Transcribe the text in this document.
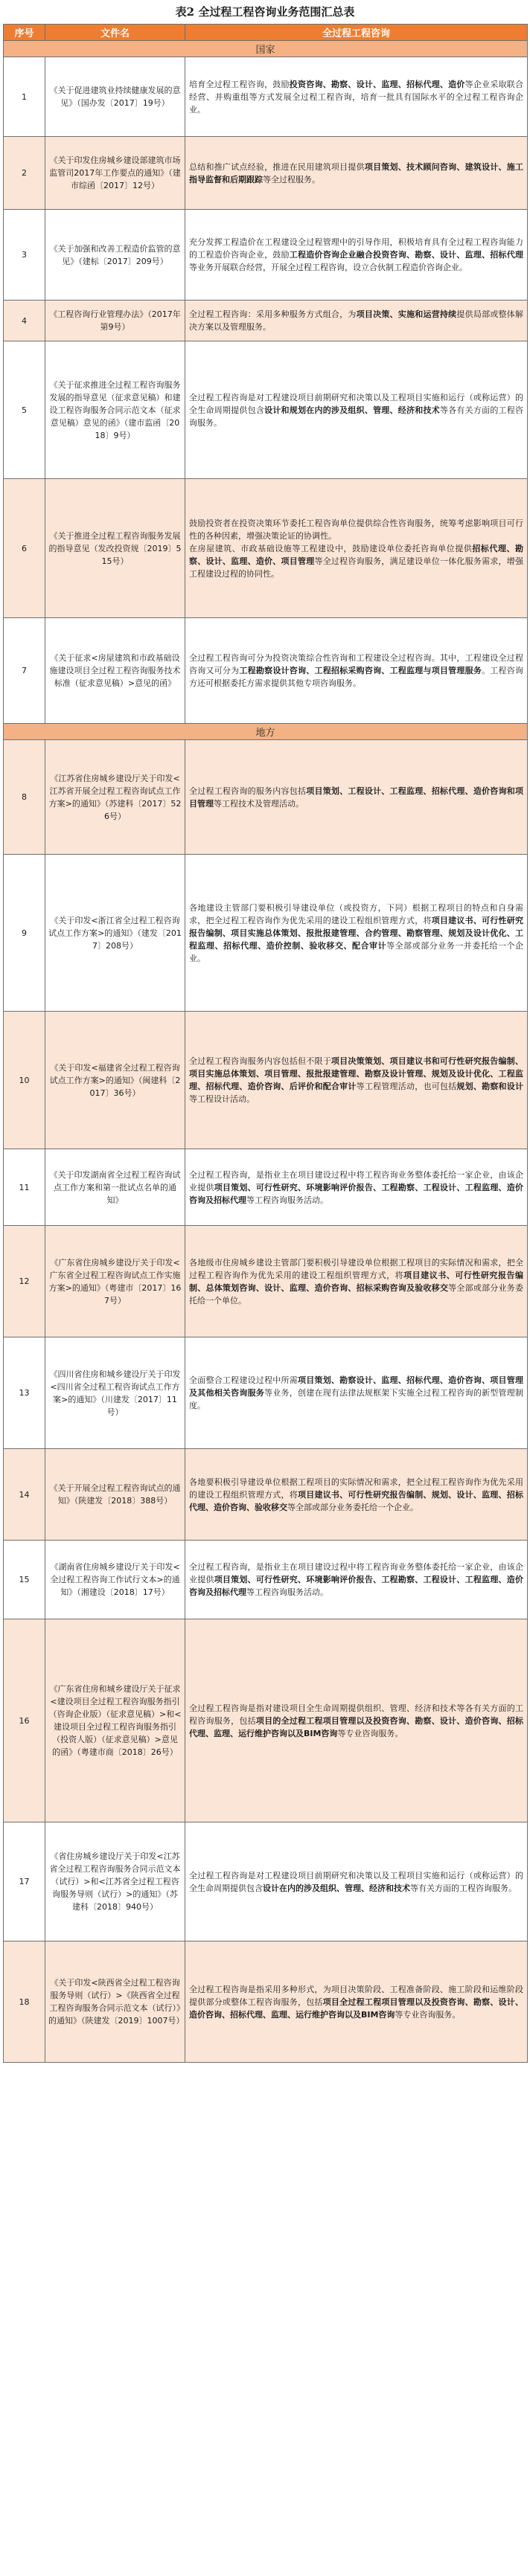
表2 全过程工程咨询业务范围汇总表
序号	文件名	全过程工程咨询
国家		
1	《关于促进建筑业持续健康发展的意见》（国办发〔2017〕19号）	培育全过程工程咨询，鼓励投资咨询、勘察、设计、监理、招标代理、造价等企业采取联合经营、并购重组等方式发展全过程工程咨询，培育一批具有国际水平的全过程工程咨询企业。
2	《关于印发住房城乡建设部建筑市场监管司2017年工作要点的通知》（建市综函〔2017〕12号）	总结和推广试点经验，推进在民用建筑项目提供项目策划、技术顾问咨询、建筑设计、施工指导监督和后期跟踪等全过程服务。
3	《关于加强和改善工程造价监管的意见》（建标〔2017〕209号）	充分发挥工程造价在工程建设全过程管理中的引导作用，积极培育具有全过程工程咨询能力的工程造价咨询企业，鼓励工程造价咨询企业融合投资咨询、勘察、设计、监理、招标代理等业务开展联合经营，开展全过程工程咨询，设立合伙制工程造价咨询企业。
4	《工程咨询行业管理办法》（2017年第9号）	全过程工程咨询：采用多种服务方式组合，为项目决策、实施和运营持续提供局部或整体解决方案以及管理服务。
5	《关于征求推进全过程工程咨询服务发展的指导意见（征求意见稿）和建设工程咨询服务合同示范文本（征求意见稿）意见的函》（建市监函〔2018〕9号）	全过程工程咨询是对工程建设项目前期研究和决策以及工程项目实施和运行（或称运营）的全生命周期提供包含设计和规划在内的涉及组织、管理、经济和技术等各有关方面的工程咨询服务。
6	《关于推进全过程工程咨询服务发展的指导意见（发改投资规〔2019〕515号）	鼓励投资者在投资决策环节委托工程咨询单位提供综合性咨询服务，统筹考虑影响项目可行性的各种因素，增强决策论证的协调性。
在房屋建筑、市政基础设施等工程建设中，鼓励建设单位委托咨询单位提供招标代理、勘察、设计、监理、造价、项目管理等全过程咨询服务，满足建设单位一体化服务需求，增强工程建设过程的协同性。
7	《关于征求<房屋建筑和市政基础设施建设项目全过程工程咨询服务技术标准（征求意见稿）>意见的函》	全过程工程咨询可分为投资决策综合性咨询和工程建设全过程咨询。其中，工程建设全过程咨询又可分为工程勘察设计咨询、工程招标采购咨询、工程监理与项目管理服务。工程咨询方还可根据委托方需求提供其他专项咨询服务。
地方		
8	《江苏省住房城乡建设厅关于印发<江苏省开展全过程工程咨询试点工作方案>的通知》（苏建科〔2017〕526号）	全过程工程咨询的服务内容包括项目策划、工程设计、工程监理、招标代理、造价咨询和项目管理等工程技术及管理活动。
9	《关于印发<浙江省全过程工程咨询试点工作方案>的通知》（建发〔2017〕208号）	各地建设主管部门要积极引导建设单位（或投资方，下同）根据工程项目的特点和自身需求，把全过程工程咨询作为优先采用的建设工程组织管理方式，将项目建议书、可行性研究报告编制、项目实施总体策划、报批报建管理、合约管理、勘察管理、规划及设计优化、工程监理、招标代理、造价控制、验收移交、配合审计等全部或部分业务一并委托给一个企业。
10	《关于印发<福建省全过程工程咨询试点工作方案>的通知》（闽建科〔2017〕36号）	全过程工程咨询服务内容包括但不限于项目决策策划、项目建议书和可行性研究报告编制、项目实施总体策划、项目管理、报批报建管理、勘察及设计管理、规划及设计优化、工程监理、招标代理、造价咨询、后评价和配合审计等工程管理活动，也可包括规划、勘察和设计等工程设计活动。
11	《关于印发湖南省全过程工程咨询试点工作方案和第一批试点名单的通知》	全过程工程咨询，是指业主在项目建设过程中将工程咨询业务整体委托给一家企业，由该企业提供项目策划、可行性研究、环境影响评价报告、工程勘察、工程设计、工程监理、造价咨询及招标代理等工程咨询服务活动。
12	《广东省住房城乡建设厅关于印发<广东省全过程工程咨询试点工作实施方案>的通知》（粤建市〔2017〕167号）	各地级市住房城乡建设主管部门要积极引导建设单位根据工程项目的实际情况和需求，把全过程工程咨询作为优先采用的建设工程组织管理方式，将项目建议书、可行性研究报告编制、总体策划咨询、设计、监理、造价咨询、招标采购咨询及验收移交等全部或部分业务委托给一个单位。
13	《四川省住房和城乡建设厅关于印发<四川省全过程工程咨询试点工作方案>的通知》（川建发〔2017〕11号）	全面整合工程建设过程中所需项目策划、勘察设计、监理、招标代理、造价咨询、项目管理及其他相关咨询服务等业务，创建在现有法律法规框架下实施全过程工程咨询的新型管理制度。
14	《关于开展全过程工程咨询试点的通知》（陕建发〔2018〕388号）	各地要积极引导建设单位根据工程项目的实际情况和需求，把全过程工程咨询作为优先采用的建设工程组织管理方式，将项目建议书、可行性研究报告编制、规划、设计、监理、招标代理、造价咨询、验收移交等全部或部分业务委托给一个企业。
15	《湖南省住房城乡建设厅关于印发<全过程工程咨询工作试行文本>的通知》（湘建设〔2018〕17号）	全过程工程咨询，是指业主在项目建设过程中将工程咨询业务整体委托给一家企业，由该企业提供项目策划、可行性研究、环境影响评价报告、工程勘察、工程设计、工程监理、造价咨询及招标代理等工程咨询服务活动。
16	《广东省住房和城乡建设厅关于征求<建设项目全过程工程咨询服务指引（咨询企业版）（征求意见稿）>和<建设项目全过程工程咨询服务指引（投资人版）（征求意见稿）>意见的函》（粤建市商〔2018〕26号）	全过程工程咨询是指对建设项目全生命周期提供组织、管理、经济和技术等各有关方面的工程咨询服务，包括项目的全过程工程项目管理以及投资咨询、勘察、设计、造价咨询、招标代理、监理、运行维护咨询以及BIM咨询等专业咨询服务。
17	《省住房城乡建设厅关于印发<江苏省全过程工程咨询服务合同示范文本（试行）>和<江苏省全过程工程咨询服务导则（试行）>的通知》（苏建科〔2018〕940号）	全过程工程咨询是对工程建设项目前期研究和决策以及工程项目实施和运行（或称运营）的全生命周期提供包含设计在内的涉及组织、管理、经济和技术等有关方面的工程咨询服务。
18	《关于印发<陕西省全过程工程咨询服务导则（试行）>《陕西省全过程工程咨询服务合同示范文本（试行）》的通知》（陕建发〔2019〕1007号）	全过程工程咨询是指采用多种形式，为项目决策阶段、工程准备阶段、施工阶段和运维阶段提供部分或整体工程咨询服务，包括项目全过程工程项目管理以及投资咨询、勘察、设计、造价咨询、招标代理、监理、运行维护咨询以及BIM咨询等专业咨询服务。
